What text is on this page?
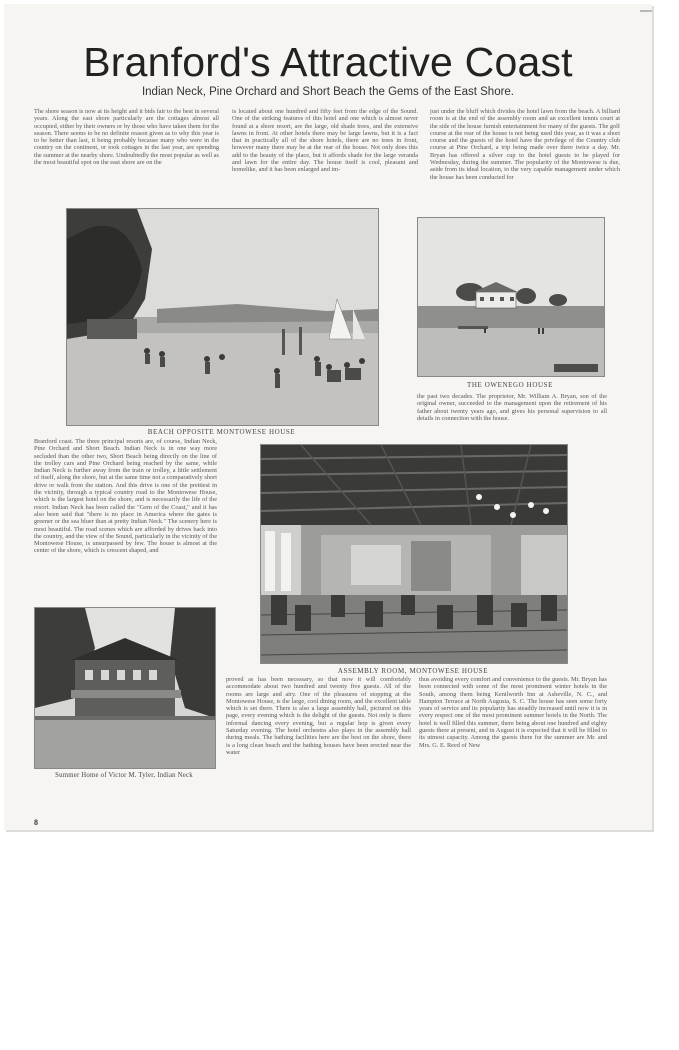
Branford's Attractive Coast

Indian Neck, Pine Orchard and Short Beach the Gems of the East Shore.

The shore season is now at its height and it bids fair to the best in several years. Along the east shore particularly are the cottages almost all occupied, either by their owners or by those who have taken them for the season. There seems to be no definite reason given as to why this year is to be better than last, it being probably because many who were in the country on the continent, or took cottages in the last year, are spending the summer at the nearby shore. Undoubtedly the most popular as well as the most beautiful spot on the east shore are on the

is located about one hundred and fifty feet from the edge of the Sound. One of the striking features of this hotel and one which is almost never found at a shore resort, are the large, old shade trees, and the extensive lawns in front. At other hotels there may be large lawns, but it is a fact that in practically all of the shore hotels, there are no trees in front, however many there may be at the rear of the house. Not only does this add to the beauty of the place, but it affords shade for the large veranda and lawn for the entire day. The house itself is cool, pleasant and homelike, and it has been enlarged and im-

just under the bluff which divides the hotel lawn from the beach. A billiard room is at the end of the assembly room and an excellent tennis court at the side of the house furnish entertainment for many of the guests. The golf course at the rear of the house is not being used this year, as it was a short course and the guests of the hotel have the privilege of the Country club course at Pine Orchard, a trip being made over there twice a day. Mr. Bryan has offered a silver cup to the hotel guests to be played for Wednesday, during the summer. The popularity of the Montowese is due, aside from its ideal location, to the very capable management under which the house has been conducted for

BEACH OPPOSITE MONTOWESE HOUSE

THE OWENEGO HOUSE

the past two decades. The proprietor, Mr. William A. Bryan, son of the original owner, succeeded to the management upon the retirement of his father about twenty years ago, and gives his personal supervision to all details in connection with the house.

Branford coast. The three principal resorts are, of course, Indian Neck, Pine Orchard and Short Beach. Indian Neck is in one way more secluded than the other two, Short Beach being directly on the line of the trolley cars and Pine Orchard being reached by the same, while Indian Neck is further away from the train or trolley, a little settlement of itself, along the shore, but at the same time not a comparatively short drive or walk from the station. And this drive is one of the prettiest in the vicinity, through a typical country road to the Montowese House, which is the largest hotel on the shore, and is necessarily the life of the resort. Indian Neck has been called the "Gem of the Coast," and it has also been said that "there is no place in America where the gates is greener or the sea bluer than at pretty Indian Neck." The scenery here is most beautiful. The road scenes which are afforded by drives back into the country, and the view of the Sound, particularly in the vicinity of the Montowese House, is unsurpassed by few. The house is almost at the center of the shore, which is crescent shaped, and

ASSEMBLY ROOM, MONTOWESE HOUSE

Summer Home of Victor M. Tyler, Indian Neck

proved as has been necessary, so that now it will comfortably accommodate about two hundred and twenty five guests. All of the rooms are large and airy. One of the pleasures of stopping at the Montowese House, is the large, cool dining room, and the excellent table which is set there. There is also a large assembly hall, pictured on this page, every evening which is the delight of the guests. Not only is there informal dancing every evening, but a regular hop is given every Saturday evening. The hotel orchestra also plays in the assembly hall during meals. The bathing facilities here are the best on the shore, there is a long clean beach and the bathing houses have been erected near the water

thus avoiding every comfort and convenience to the guests. Mr. Bryan has been connected with some of the most prominent winter hotels in the South, among them being Kenilworth Inn at Asheville, N. C., and Hampton Terrace at North Augusta, S. C. The house has seen some forty years of service and its popularity has steadily increased until now it is in every respect one of the most prominent summer hotels in the North. The hotel is well filled this summer, there being about one hundred and eighty guests there at present, and in August it is expected that it will be filled to its utmost capacity. Among the guests there for the summer are Mr. and Mrs. G. E. Reed of New

8
